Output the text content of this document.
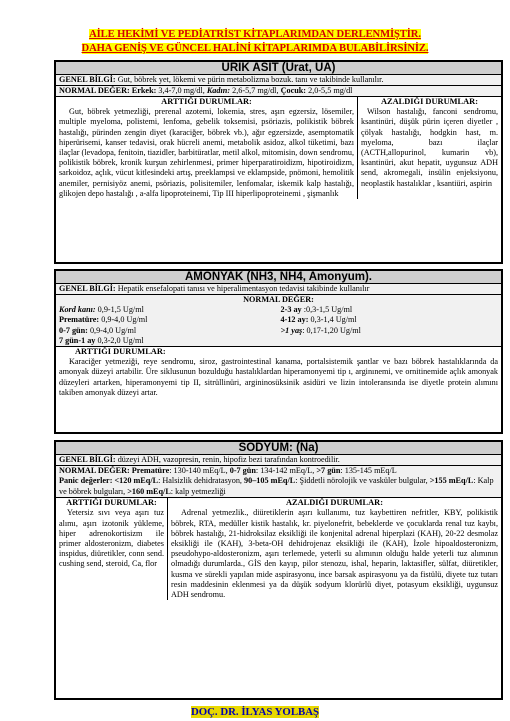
AİLE HEKİMİ VE PEDİATRİST KİTAPLARIMDAN DERLENMİŞTİR.
DAHA GENİŞ VE GÜNCEL HALİNİ KİTAPLARIMDA BULABİLİRSİNİZ.
ÜRİK ASİT (Ürat, ÜA)
GENEL BİLGİ: Gut, böbrek yet, lökemi ve pürin metabolizma bozuk. tanı ve takibinde kullanılır.
NORMAL DEĞER: Erkek: 3,4-7,0 mg/dl, Kadın: 2,6-5,7 mg/dl, Çocuk: 2,0-5,5 mg/dl
ARTTIĞI DURUMLAR:
Gut, böbrek yetmezliği, prerenal azotemi, lokemia, stres, aşırı egzersiz, lösemiler, multiple myeloma, polistemi, lenfoma, gebelik toksemisi, psöriazis, polikistik böbrek hastalığı, pürinden zengin diyet (karaciğer, böbrek vb.), ağır egzersizde, asemptomatik hiperürisemi, kanser tedavisi, orak hücreli anemi, metabolik asidoz, alkol tüketimi, bazı ilaçlar (levadopa, fenitoin, tiazidler, barbitüratlar, metil alkol, mitomisin, down sendromu, polikistik böbrek, kronik kurşun zehirlenmesi, primer hiperparatiroidizm, hipotiroidizm, sarkoidoz, açlık, vücut kitlesindeki artış, preeklampsi ve eklampside, pnömoni, hemolitik anemiler, pernisiyöz anemi, psöriazis, polisitemiler, lenfomalar, iskemik kalp hastalığı, glikojen depo hastalığı , a-alfa lipoproteinemi, Tip III hiperlipoproteinemi , şişmanlık
AZALDIĞI DURUMLAR:
Wilson hastalığı, fanconi sendromu, ksantinüri, düşük pürin içeren diyetler , çölyak hastalığı, hodgkin hast, m. myeloma, bazı ilaçlar (ACTH,allopurinol, kumarin vb), ksantinüri, akut hepatit, uygunsuz ADH send, akromegali, insülin enjeksiyonu, neoplastik hastalıklar , ksantiüri, aspirin
AMONYAK (NH3, NH4, Amonyum).
GENEL BİLGİ: Hepatik ensefalopati tanısı ve hiperalimentasyon tedavisi takibinde kullanılır
NORMAL DEĞER:
Kord kanı: 0,9-1,5 Ug/ml	2-3 ay :0,3-1,5 Ug/ml
Prematüre: 0,9-4,0 Ug/ml	4-12 ay: 0,3-1,4 Ug/ml
0-7 gün: 0,9-4,0 Ug/ml	>1 yaş: 0,17-1,20 Ug/ml
7 gün-1 ay 0,3-2,0 Ug/ml
ARTTIĞI DURUMLAR:
Karaciğer yetmeziği, reye sendromu, siroz, gastrointestinal kanama, portalsistemik şantlar ve bazı böbrek hastalıklarında da amonyak düzeyi artabilir. Üre siklusunun bozulduğu hastalıklardan hiperamonyemi tip ı, arginınemi, ve ornitinemide açlık amonyak düzeyleri artarken, hiperamonyemi tip II, sitrüllinüri, argininosüksinik asidüri ve lizin intoleransında ise diyetle protein alımını takiben amonyak düzeyi artar.
SODYUM: (Na)
GENEL BİLGİ: düzeyi ADH, vazopresin, renin, hipofiz bezi tarafından kontroedilir.
NORMAL DEĞER: Prematüre: 130-140 mEq/L, 0-7 gün: 134-142 mEq/L, >7 gün: 135-145 mEq/L
Panic değerler: <120 mEq/L: Halsizlik dehidratasyon, 90–105 mEq/L: Şiddetli nörolojik ve vasküler bulgular, >155 mEq/L: Kalp ve böbrek bulguları, >160 mEq/L: kalp yetmezliği
ARTTIĞI DURUMLAR:
Yetersiz sıvı veya aşırı tuz alımı, aşırı izotonik yükleme, hiper adrenokortisizm ile primer aldosteronizm, diabetes inspidus, diüretikler, conn send. cushing send, steroid, Ca, flor
AZALDIĞI DURUMLAR:
Adrenal yetmezlik., diüretiklerin aşırı kullanımı, tuz kaybettiren nefritler, KBY, polikistik böbrek, RTA, medüller kistik hastalık, kr. piyelonefrit, bebeklerde ve çocuklarda renal tuz kaybı, böbrek hastalığı, 21-hidroksilaz eksikliği ile konjenital adrenal hiperplazi (KAH), 20-22 desmolaz eksikliği ile (KAH), 3-beta-OH dehidrojenaz eksikliği ile (KAH), İzole hipoaldosteronizm, pseudohypo-aldosteronizm, aşırı terlemede, yeterli su alımının olduğu halde yeterli tuz alımının olmadığı durumlarda., GİS den kayıp, pilor stenozu, ishal, heparin, laktasifler, sülfat, diüretikler, kusma ve sürekli yapılan mide aspirasyonu, ince barsak aspirasyonu ya da fistülü, diyete tuz tutarı resin maddesinin eklenmesi ya da düşük sodyum klorürlü diyet, potasyum eksikliği, uygunsuz ADH sendromu.
DOÇ. DR. İLYAS YOLBAŞ
